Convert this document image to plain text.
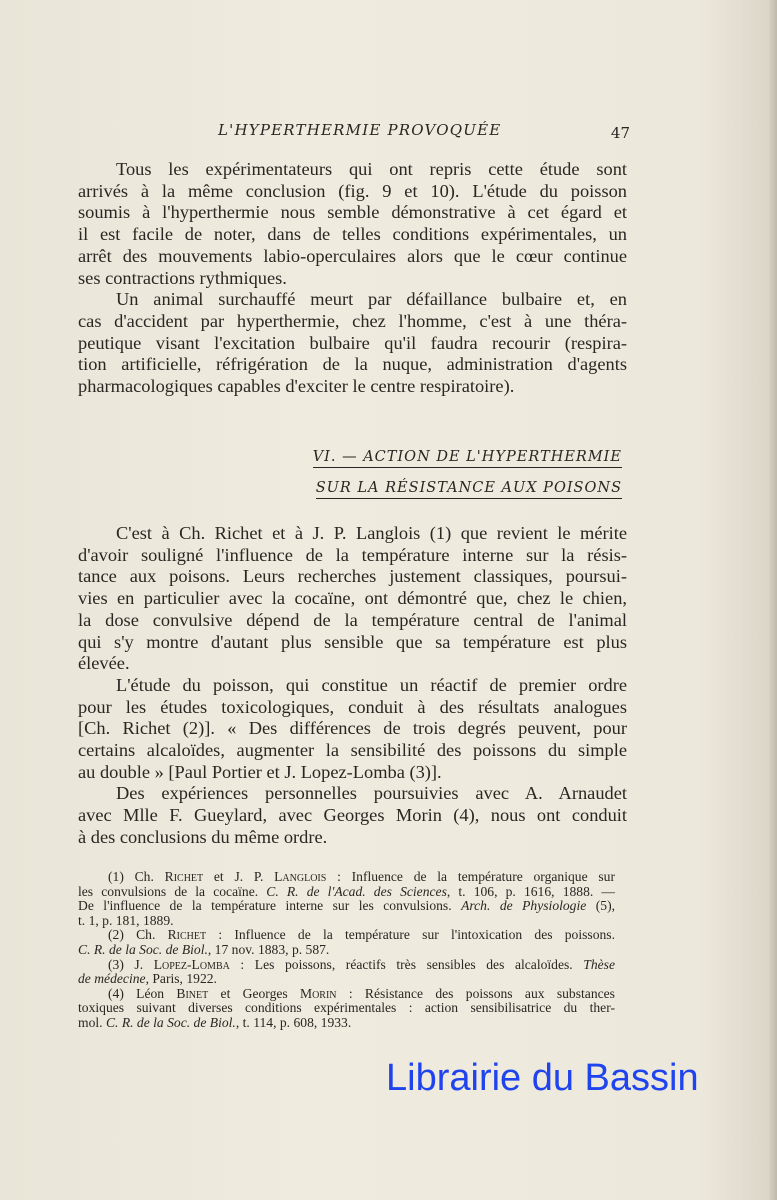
L'HYPERTHERMIE PROVOQUÉE	47
Tous les expérimentateurs qui ont repris cette étude sont
arrivés à la même conclusion (fig. 9 et 10). L'étude du poisson
soumis à l'hyperthermie nous semble démonstrative à cet égard et
il est facile de noter, dans de telles conditions expérimentales, un
arrêt des mouvements labio-operculaires alors que le cœur continue
ses contractions rythmiques.
Un animal surchauffé meurt par défaillance bulbaire et, en
cas d'accident par hyperthermie, chez l'homme, c'est à une théra-
peutique visant l'excitation bulbaire qu'il faudra recourir (respira-
tion artificielle, réfrigération de la nuque, administration d'agents
pharmacologiques capables d'exciter le centre respiratoire).
VI. — ACTION DE L'HYPERTHERMIE
SUR LA RÉSISTANCE AUX POISONS
C'est à Ch. Richet et à J. P. Langlois (1) que revient le mérite
d'avoir souligné l'influence de la température interne sur la résis-
tance aux poisons. Leurs recherches justement classiques, poursui-
vies en particulier avec la cocaïne, ont démontré que, chez le chien,
la dose convulsive dépend de la température central de l'animal
qui s'y montre d'autant plus sensible que sa température est plus
élevée.
L'étude du poisson, qui constitue un réactif de premier ordre
pour les études toxicologiques, conduit à des résultats analogues
[Ch. Richet (2)]. « Des différences de trois degrés peuvent, pour
certains alcaloïdes, augmenter la sensibilité des poissons du simple
au double » [Paul Portier et J. Lopez-Lomba (3)].
Des expériences personnelles poursuivies avec A. Arnaudet
avec Mlle F. Gueylard, avec Georges Morin (4), nous ont conduit
à des conclusions du même ordre.
(1) Ch. Richet et J. P. Langlois : Influence de la température organique sur
les convulsions de la cocaïne. C. R. de l'Acad. des Sciences, t. 106, p. 1616, 1888. —
De l'influence de la température interne sur les convulsions. Arch. de Physiologie (5),
t. 1, p. 181, 1889.
(2) Ch. Richet : Influence de la température sur l'intoxication des poissons.
C. R. de la Soc. de Biol., 17 nov. 1883, p. 587.
(3) J. Lopez-Lomba : Les poissons, réactifs très sensibles des alcaloïdes. Thèse
de médecine, Paris, 1922.
(4) Léon Binet et Georges Morin : Résistance des poissons aux substances
toxiques suivant diverses conditions expérimentales : action sensibilisatrice du ther-
mol. C. R. de la Soc. de Biol., t. 114, p. 608, 1933.
Librairie du Bassin
